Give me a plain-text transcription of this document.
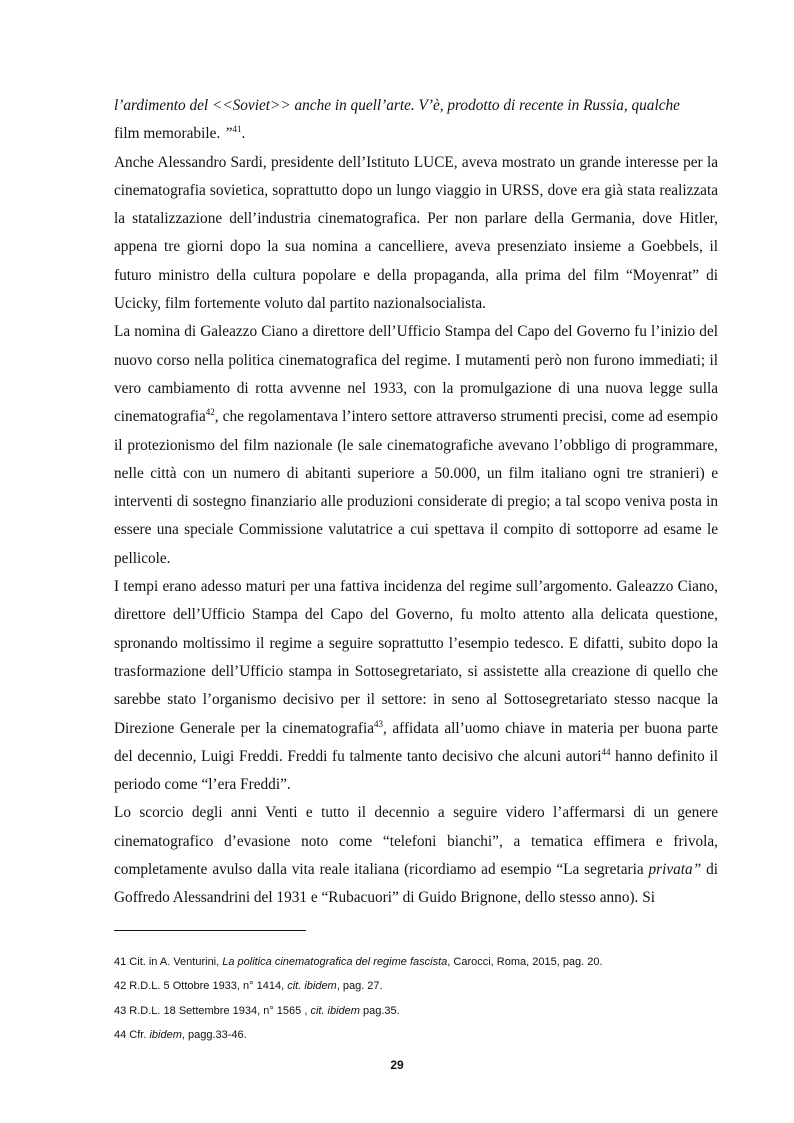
l’ardimento del <<Soviet>> anche in quell’arte. V’è, prodotto di recente in Russia, qualche
film memorabile. ”$^{41}$.

Anche Alessandro Sardi, presidente dell’Istituto LUCE, aveva mostrato un grande interesse per la cinematografia sovietica, soprattutto dopo un lungo viaggio in URSS, dove era già stata realizzata la statalizzazione dell’industria cinematografica. Per non parlare della Germania, dove Hitler, appena tre giorni dopo la sua nomina a cancelliere, aveva presenziato insieme a Goebbels, il futuro ministro della cultura popolare e della propaganda, alla prima del film “Moyenrat” di Ucicky, film fortemente voluto dal partito nazionalsocialista.

La nomina di Galeazzo Ciano a direttore dell’Ufficio Stampa del Capo del Governo fu l’inizio del nuovo corso nella politica cinematografica del regime. I mutamenti però non furono immediati; il vero cambiamento di rotta avvenne nel 1933, con la promulgazione di una nuova legge sulla cinematografia$^{42}$, che regolamentava l’intero settore attraverso strumenti precisi, come ad esempio il protezionismo del film nazionale (le sale cinematografiche avevano l’obbligo di programmare, nelle città con un numero di abitanti superiore a 50.000, un film italiano ogni tre stranieri) e interventi di sostegno finanziario alle produzioni considerate di pregio; a tal scopo veniva posta in essere una speciale Commissione valutatrice a cui spettava il compito di sottoporre ad esame le pellicole.

I tempi erano adesso maturi per una fattiva incidenza del regime sull’argomento. Galeazzo Ciano, direttore dell’Ufficio Stampa del Capo del Governo, fu molto attento alla delicata questione, spronando moltissimo il regime a seguire soprattutto l’esempio tedesco. E difatti, subito dopo la trasformazione dell’Ufficio stampa in Sottosegretariato, si assistette alla creazione di quello che sarebbe stato l’organismo decisivo per il settore: in seno al Sottosegretariato stesso nacque la Direzione Generale per la cinematografia$^{43}$, affidata all’uomo chiave in materia per buona parte del decennio, Luigi Freddi. Freddi fu talmente tanto decisivo che alcuni autori$^{44}$ hanno definito il periodo come “l’era Freddi”.

Lo scorcio degli anni Venti e tutto il decennio a seguire videro l’affermarsi di un genere cinematografico d’evasione noto come “telefoni bianchi”, a tematica effimera e frivola, completamente avulso dalla vita reale italiana (ricordiamo ad esempio “La segretaria privata” di Goffredo Alessandrini del 1931 e “Rubacuori” di Guido Brignone, dello stesso anno). Si

41 Cit. in A. Venturini, La politica cinematografica del regime fascista, Carocci, Roma, 2015, pag. 20.

42 R.D.L. 5 Ottobre 1933, n° 1414, cit. ibidem, pag. 27.

43 R.D.L. 18 Settembre 1934, n° 1565 , cit. ibidem pag.35.

44 Cfr. ibidem, pagg.33-46.

29
